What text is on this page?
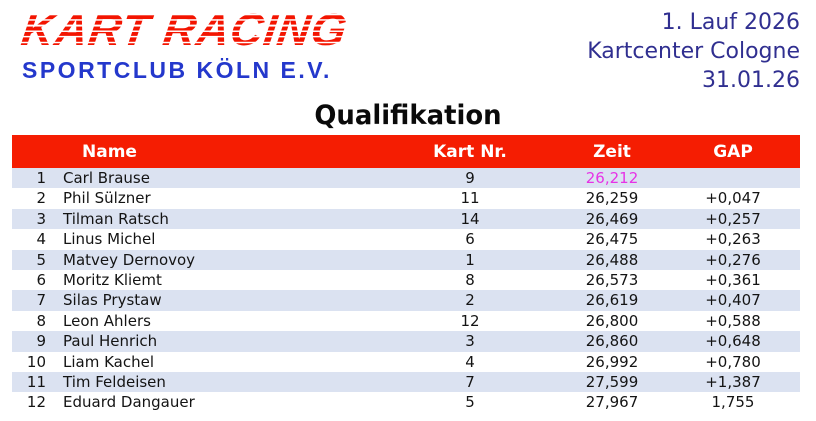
KART RACING
SPORTCLUB KÖLN E.V.
1. Lauf 2026
Kartcenter Cologne
31.01.26
Qualifikation
	Name	Kart Nr.	Zeit	GAP
1	Carl Brause	9	26,212	
2	Phil Sülzner	11	26,259	+0,047
3	Tilman Ratsch	14	26,469	+0,257
4	Linus Michel	6	26,475	+0,263
5	Matvey Dernovoy	1	26,488	+0,276
6	Moritz Kliemt	8	26,573	+0,361
7	Silas Prystaw	2	26,619	+0,407
8	Leon Ahlers	12	26,800	+0,588
9	Paul Henrich	3	26,860	+0,648
10	Liam Kachel	4	26,992	+0,780
11	Tim Feldeisen	7	27,599	+1,387
12	Eduard Dangauer	5	27,967	1,755
